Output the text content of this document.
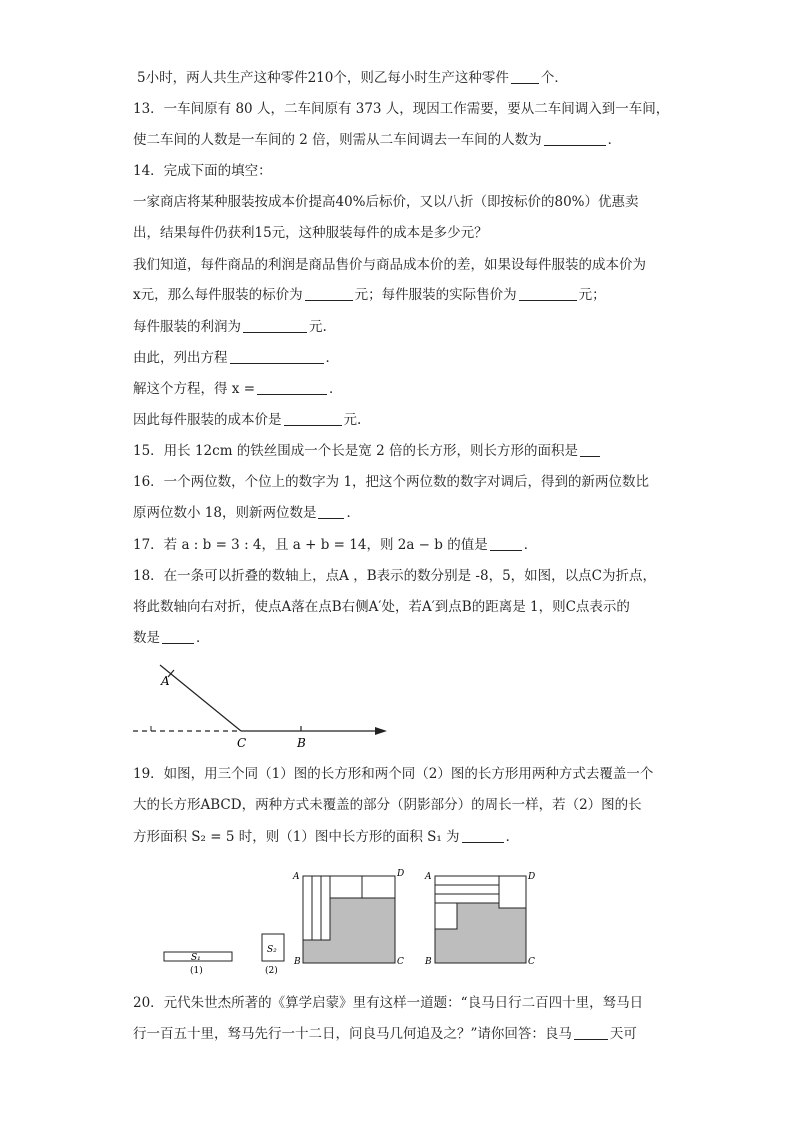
5小时，两人共生产这种零件210个，则乙每小时生产这种零件 个．
13．一车间原有 80 人，二车间原有 373 人，现因工作需要，要从二车间调入到一车间，
使二车间的人数是一车间的 2 倍，则需从二车间调去一车间的人数为	．
14．完成下面的填空：
一家商店将某种服装按成本价提高40%后标价，又以八折（即按标价的80%）优惠卖
出，结果每件仍获利15元，这种服装每件的成本是多少元？
我们知道，每件商品的利润是商品售价与商品成本价的差，如果设每件服装的成本价为
x元，那么每件服装的标价为	元；每件服装的实际售价为	元；
每件服装的利润为	元.
由此，列出方程	．
解这个方程，得 x =	．
因此每件服装的成本价是	元.
15．用长 12cm 的铁丝围成一个长是宽 2 倍的长方形，则长方形的面积是
16．一个两位数，个位上的数字为 1，把这个两位数的数字对调后，得到的新两位数比
原两位数小 18，则新两位数是 ．
17．若 a : b = 3 : 4，且 a + b = 14，则 2a − b 的值是	．
18．在一条可以折叠的数轴上，点A ，B表示的数分别是 -8，5，如图，以点C为折点，
将此数轴向右对折，使点A落在点B右侧A′处，若A′到点B的距离是 1，则C点表示的
数是	．
A
C	B
19．如图，用三个同（1）图的长方形和两个同（2）图的长方形用两种方式去覆盖一个
大的长方形ABCD，两种方式未覆盖的部分（阴影部分）的周长一样，若（2）图的长
方形面积 S₂ = 5 时，则（1）图中长方形的面积 S₁ 为	．
S₁
(1)
S₂
(2)
A	D
B	C
A	D
B	C
20．元代朱世杰所著的《算学启蒙》里有这样一道题：“良马日行二百四十里，驽马日
行一百五十里，驽马先行一十二日，问良马几何追及之？”请你回答：良马	天可
